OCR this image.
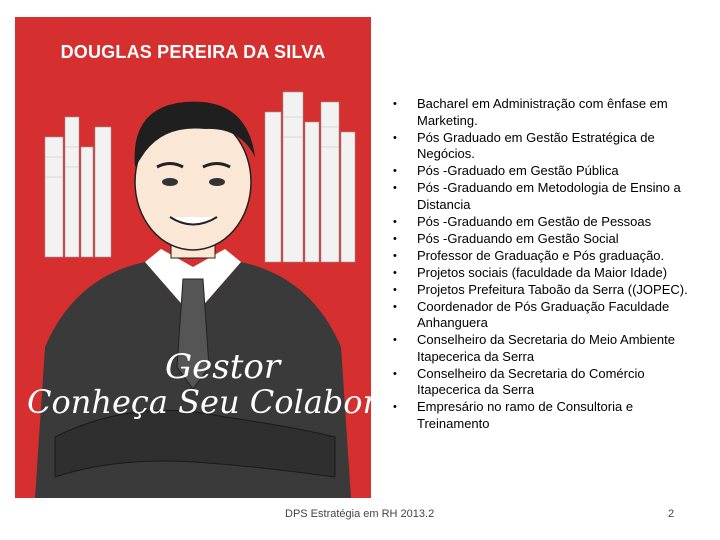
DOUGLAS PEREIRA DA SILVA
Gestor
Conheça Seu Colaborador
• Bacharel em Administração com ênfase em Marketing.
• Pós Graduado em Gestão Estratégica de Negócios.
• Pós -Graduado em Gestão Pública
• Pós -Graduando em Metodologia de Ensino a Distancia
• Pós -Graduando em Gestão de Pessoas
• Pós -Graduando em Gestão Social
• Professor de Graduação e Pós graduação.
• Projetos sociais (faculdade da Maior Idade)
• Projetos Prefeitura Taboão da Serra ((JOPEC).
• Coordenador de Pós Graduação Faculdade Anhanguera
• Conselheiro da Secretaria do Meio Ambiente Itapecerica da Serra
• Conselheiro da Secretaria do Comércio Itapecerica da Serra
• Empresário no ramo de Consultoria e Treinamento
DPS Estratégia em RH 2013.2	2
